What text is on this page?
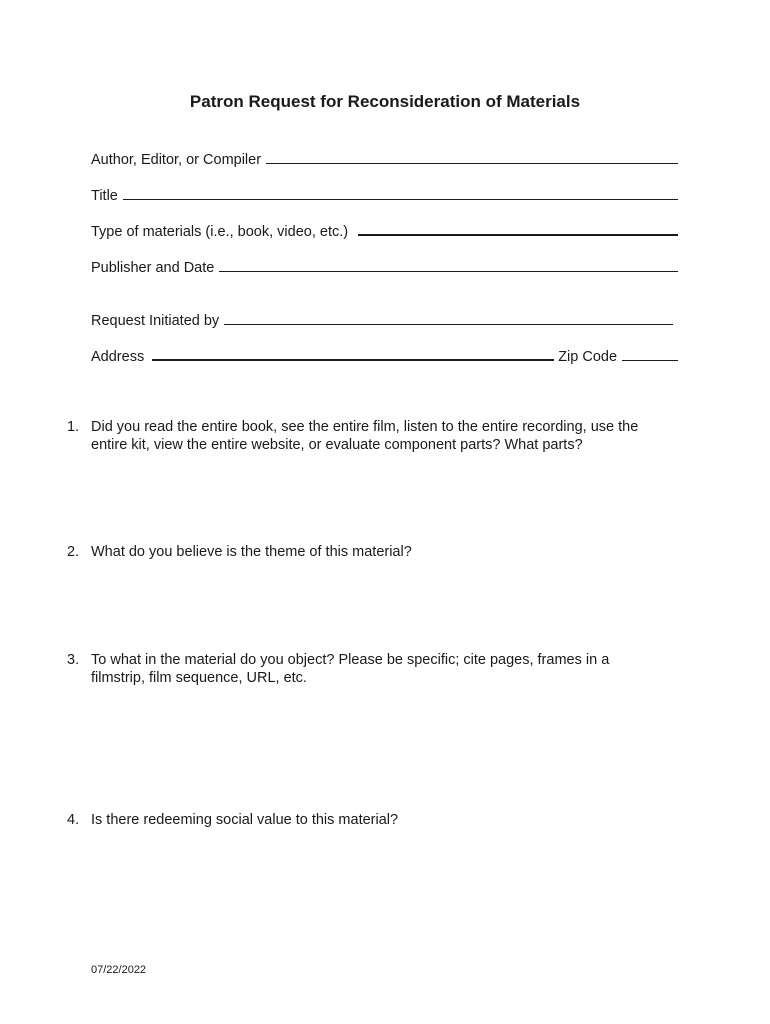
Patron Request for Reconsideration of Materials
Author, Editor, or Compiler
Title
Type of materials (i.e., book, video, etc.)
Publisher and Date
Request Initiated by
Address	Zip Code
1. Did you read the entire book, see the entire film, listen to the entire recording, use the entire kit, view the entire website, or evaluate component parts? What parts?
2. What do you believe is the theme of this material?
3. To what in the material do you object? Please be specific; cite pages, frames in a filmstrip, film sequence, URL, etc.
4. Is there redeeming social value to this material?
07/22/2022
